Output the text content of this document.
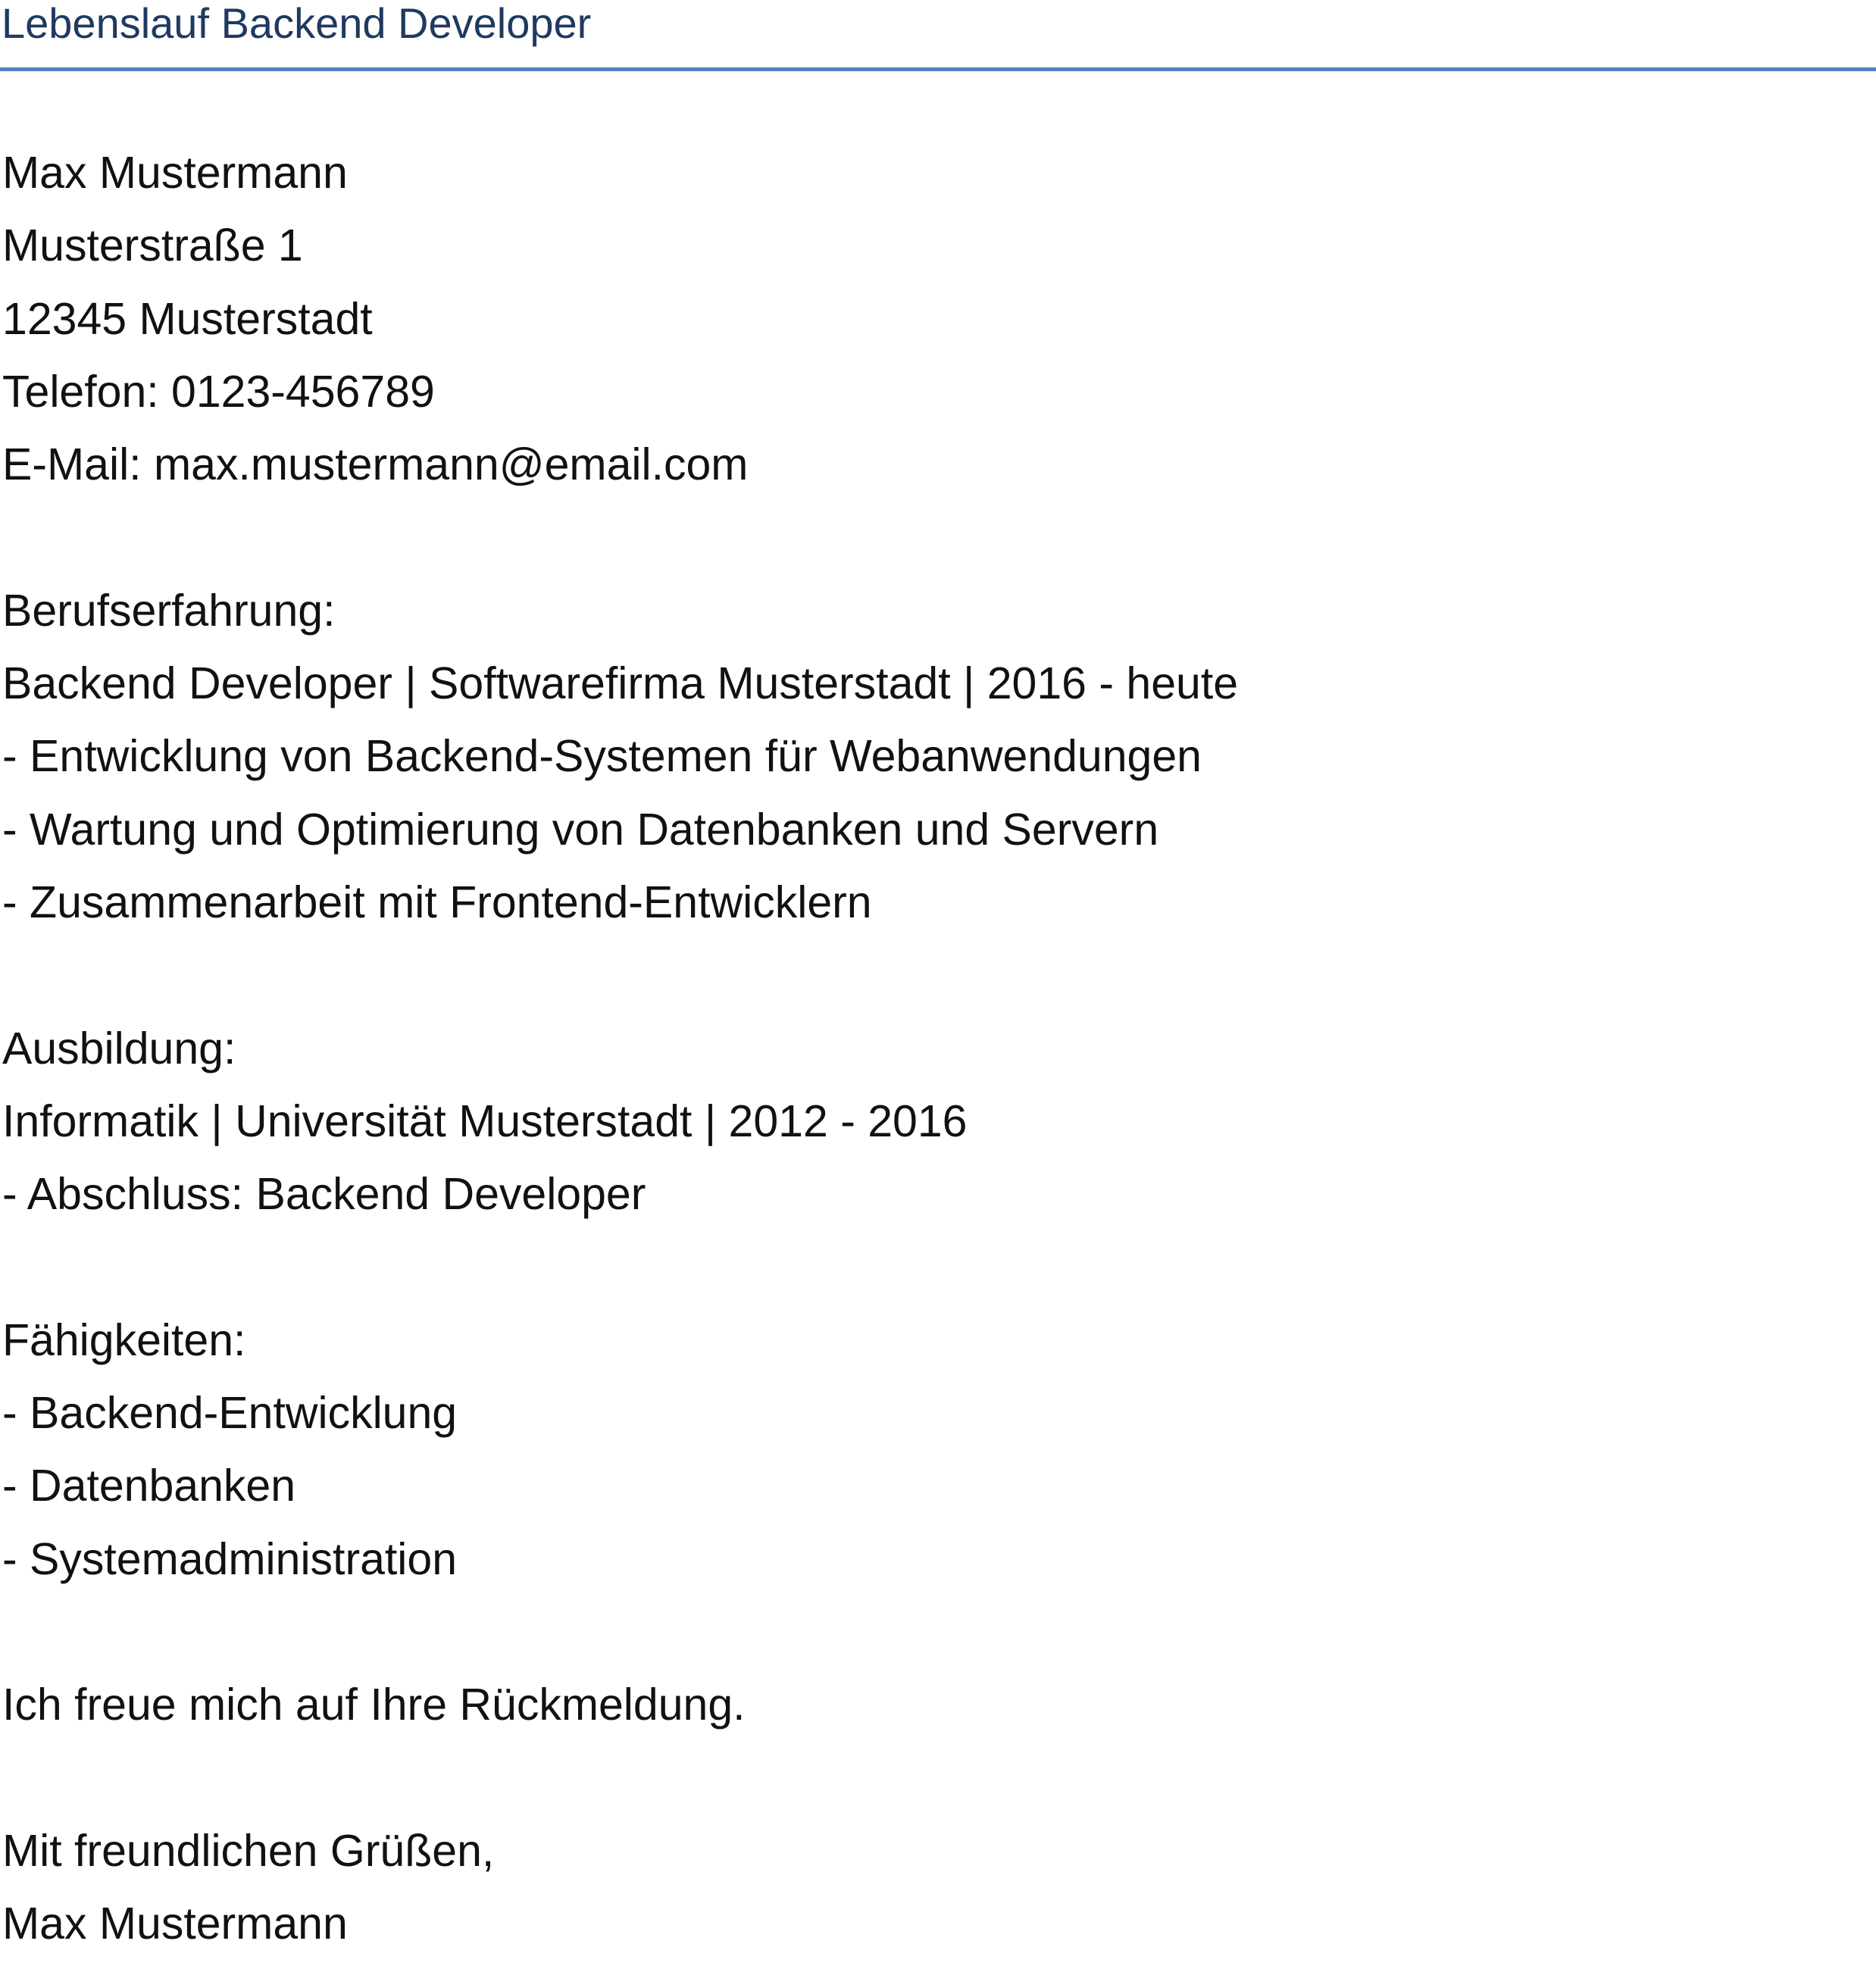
Lebenslauf Backend Developer
Max Mustermann
Musterstraße 1
12345 Musterstadt
Telefon: 0123-456789
E-Mail: max.mustermann@email.com
Berufserfahrung:
Backend Developer | Softwarefirma Musterstadt | 2016 - heute
- Entwicklung von Backend-Systemen für Webanwendungen
- Wartung und Optimierung von Datenbanken und Servern
- Zusammenarbeit mit Frontend-Entwicklern
Ausbildung:
Informatik | Universität Musterstadt | 2012 - 2016
- Abschluss: Backend Developer
Fähigkeiten:
- Backend-Entwicklung
- Datenbanken
- Systemadministration
Ich freue mich auf Ihre Rückmeldung.
Mit freundlichen Grüßen,
Max Mustermann
